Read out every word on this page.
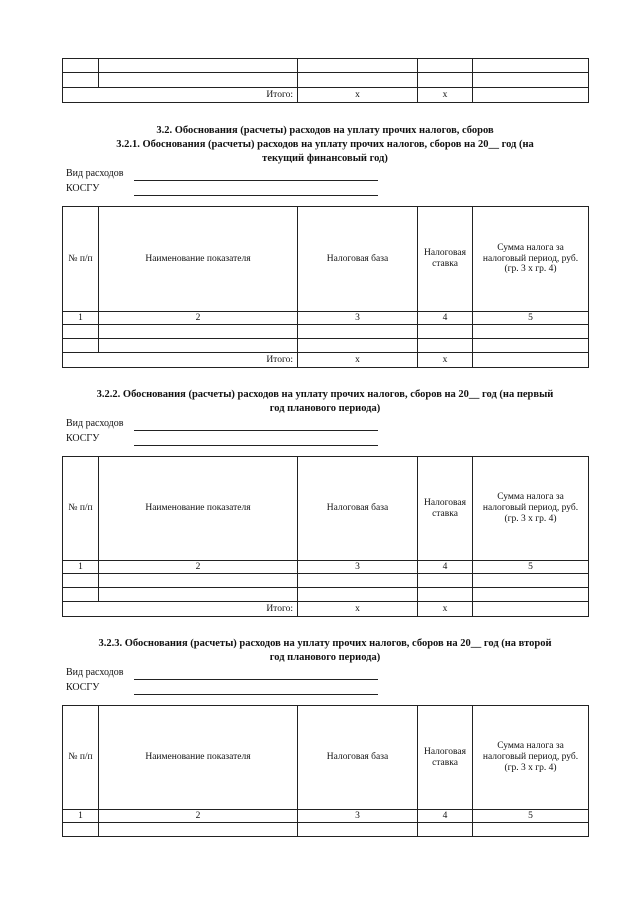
Итого:		x	x	
3.2. Обоснования (расчеты) расходов на уплату прочих налогов, сборов
3.2.1. Обоснования (расчеты) расходов на уплату прочих налогов, сборов на 20__ год (на
текущий финансовый год)
Вид расходов
КОСГУ
№ п/п	Наименование показателя	Налоговая база	Налоговая ставка	Сумма налога за налоговый период, руб. (гр. 3 х гр. 4)
1	2	3	4	5

Итого:		x	x	
3.2.2. Обоснования (расчеты) расходов на уплату прочих налогов, сборов на 20__ год (на первый
год планового периода)
Вид расходов
КОСГУ
№ п/п	Наименование показателя	Налоговая база	Налоговая ставка	Сумма налога за налоговый период, руб. (гр. 3 х гр. 4)
1	2	3	4	5

Итого:		x	x	
3.2.3. Обоснования (расчеты) расходов на уплату прочих налогов, сборов на 20__ год (на второй
год планового периода)
Вид расходов
КОСГУ
№ п/п	Наименование показателя	Налоговая база	Налоговая ставка	Сумма налога за налоговый период, руб. (гр. 3 х гр. 4)
1	2	3	4	5
